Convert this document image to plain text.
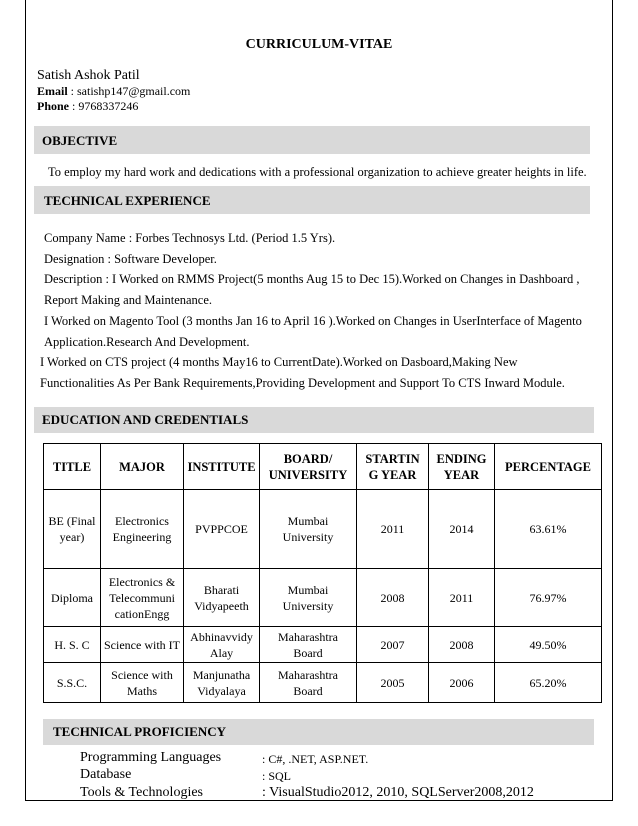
CURRICULUM-VITAE
Satish Ashok Patil
Email : satishp147@gmail.com
Phone : 9768337246
OBJECTIVE
To employ my hard work and dedications with a professional organization to achieve greater heights in life.
TECHNICAL EXPERIENCE
Company Name : Forbes Technosys Ltd. (Period 1.5 Yrs).
Designation : Software Developer.
Description : I Worked on RMMS Project(5 months Aug 15 to Dec 15).Worked on Changes in Dashboard ,
Report Making and Maintenance.
I Worked on Magento Tool (3 months Jan 16 to April 16 ).Worked on Changes in UserInterface of Magento
Application.Research And Development.
I Worked on CTS project (4 months May16 to CurrentDate).Worked on Dasboard,Making New
Functionalities As Per Bank Requirements,Providing Development and Support To CTS Inward Module.
EDUCATION AND CREDENTIALS
TITLE	MAJOR	INSTITUTE	BOARD/ UNIVERSITY	STARTIN G YEAR	ENDING YEAR	PERCENTAGE
BE (Final year)	Electronics Engineering	PVPPCOE	Mumbai University	2011	2014	63.61%
Diploma	Electronics & Telecommuni cationEngg	Bharati Vidyapeeth	Mumbai University	2008	2011	76.97%
H. S. C	Science with IT	Abhinavvidy Alay	Maharashtra Board	2007	2008	49.50%
S.S.C.	Science with Maths	Manjunatha Vidyalaya	Maharashtra Board	2005	2006	65.20%
TECHNICAL PROFICIENCY
Programming Languages	: C#, .NET, ASP.NET.
Database	: SQL
Tools & Technologies	: VisualStudio2012, 2010, SQLServer2008,2012
